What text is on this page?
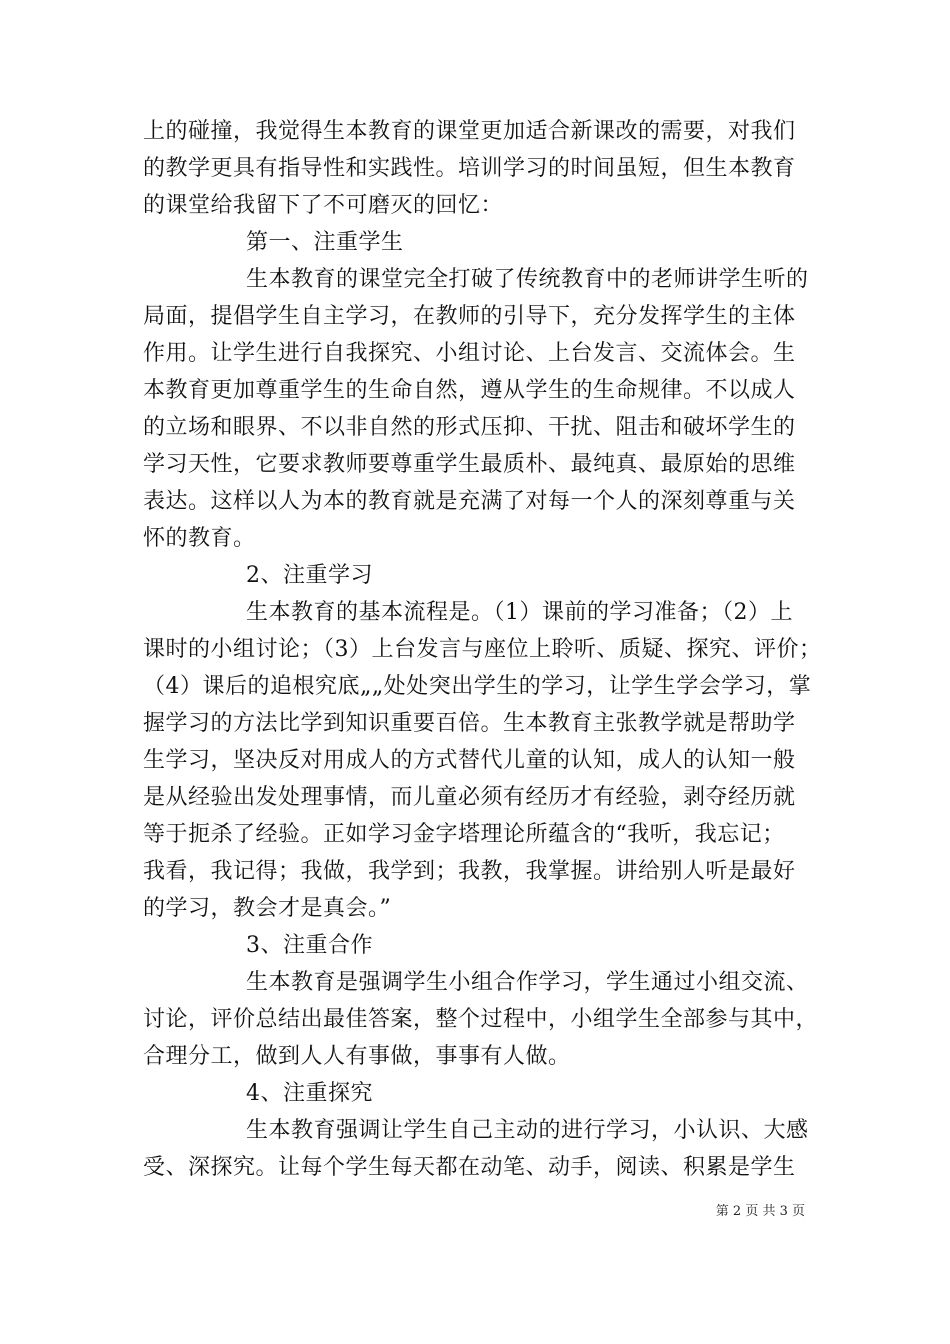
上的碰撞，我觉得生本教育的课堂更加适合新课改的需要，对我们
的教学更具有指导性和实践性。培训学习的时间虽短，但生本教育
的课堂给我留下了不可磨灭的回忆：
第一、注重学生
生本教育的课堂完全打破了传统教育中的老师讲学生听的
局面，提倡学生自主学习，在教师的引导下，充分发挥学生的主体
作用。让学生进行自我探究、小组讨论、上台发言、交流体会。生
本教育更加尊重学生的生命自然，遵从学生的生命规律。不以成人
的立场和眼界、不以非自然的形式压抑、干扰、阻击和破坏学生的
学习天性，它要求教师要尊重学生最质朴、最纯真、最原始的思维
表达。这样以人为本的教育就是充满了对每一个人的深刻尊重与关
怀的教育。
2、注重学习
生本教育的基本流程是。（1）课前的学习准备；（2）上
课时的小组讨论；（3）上台发言与座位上聆听、质疑、探究、评价；
（4）课后的追根究底„„处处突出学生的学习，让学生学会学习，掌
握学习的方法比学到知识重要百倍。生本教育主张教学就是帮助学
生学习，坚决反对用成人的方式替代儿童的认知，成人的认知一般
是从经验出发处理事情，而儿童必须有经历才有经验，剥夺经历就
等于扼杀了经验。正如学习金字塔理论所蕴含的“我听，我忘记；
我看，我记得；我做，我学到；我教，我掌握。讲给别人听是最好
的学习，教会才是真会。”
3、注重合作
生本教育是强调学生小组合作学习，学生通过小组交流、
讨论，评价总结出最佳答案，整个过程中，小组学生全部参与其中，
合理分工，做到人人有事做，事事有人做。
4、注重探究
生本教育强调让学生自己主动的进行学习，小认识、大感
受、深探究。让每个学生每天都在动笔、动手，阅读、积累是学生
第 2 页 共 3 页
